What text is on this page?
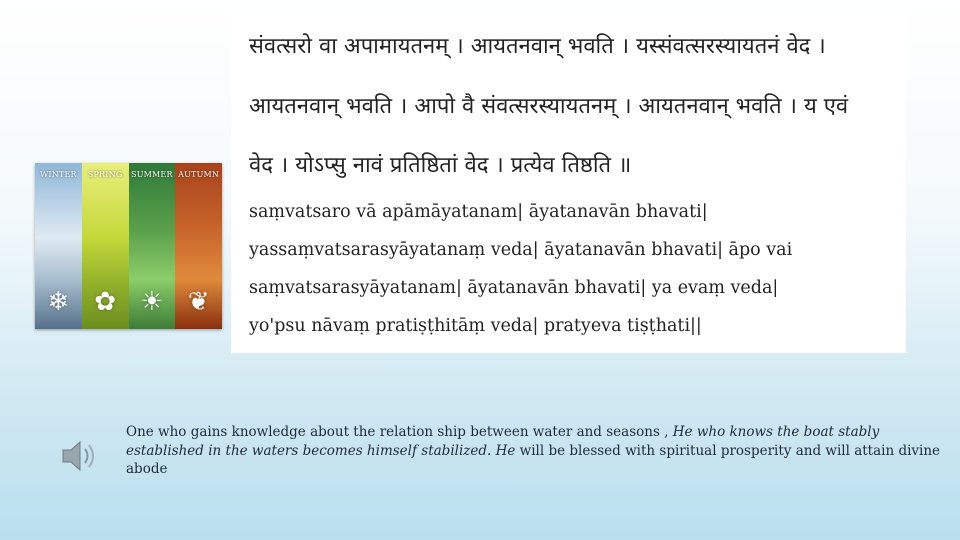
WINTER
❄
SPRING
✿
SUMMER
☀
AUTUMN
❦
संवत्सरो वा अपामायतनम् । आयतनवान् भवति । यस्संवत्सरस्यायतनं वेद ।
आयतनवान् भवति । आपो वै संवत्सरस्यायतनम् । आयतनवान् भवति । य एवं
वेद । योऽप्सु नावं प्रतिष्ठितां वेद । प्रत्येव तिष्ठति ॥
saṃvatsaro vā apāmāyatanam| āyatanavān bhavati|
yassaṃvatsarasyāyatanaṃ veda| āyatanavān bhavati| āpo vai
saṃvatsarasyāyatanam| āyatanavān bhavati| ya evaṃ veda|
yo'psu nāvaṃ pratiṣṭhitāṃ veda| pratyeva tiṣṭhati||
One who gains knowledge about the relation ship between water and seasons , He who knows the boat stably established in the waters becomes himself stabilized. He will be blessed with spiritual prosperity and will attain divine abode
